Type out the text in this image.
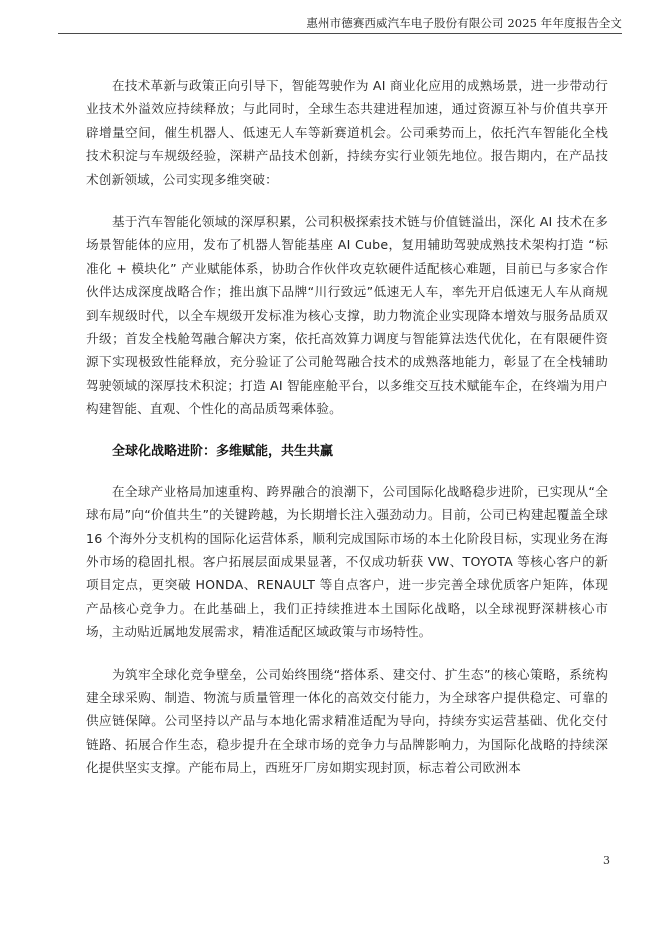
惠州市德赛西威汽车电子股份有限公司 2025 年年度报告全文

在技术革新与政策正向引导下，智能驾驶作为 AI 商业化应用的成熟场景，进一步带动行业技术外溢效应持续释放；与此同时，全球生态共建进程加速，通过资源互补与价值共享开辟增量空间，催生机器人、低速无人车等新赛道机会。公司乘势而上，依托汽车智能化全栈技术积淀与车规级经验，深耕产品技术创新，持续夯实行业领先地位。报告期内，在产品技术创新领域，公司实现多维突破：

基于汽车智能化领域的深厚积累，公司积极探索技术链与价值链溢出，深化 AI 技术在多场景智能体的应用，发布了机器人智能基座 AI Cube，复用辅助驾驶成熟技术架构打造 “标准化 + 模块化” 产业赋能体系，协助合作伙伴攻克软硬件适配核心难题，目前已与多家合作伙伴达成深度战略合作；推出旗下品牌“川行致远”低速无人车，率先开启低速无人车从商规到车规级时代，以全车规级开发标准为核心支撑，助力物流企业实现降本增效与服务品质双升级；首发全栈舱驾融合解决方案，依托高效算力调度与智能算法迭代优化，在有限硬件资源下实现极致性能释放，充分验证了公司舱驾融合技术的成熟落地能力，彰显了在全栈辅助驾驶领域的深厚技术积淀；打造 AI 智能座舱平台，以多维交互技术赋能车企，在终端为用户构建智能、直观、个性化的高品质驾乘体验。

全球化战略进阶：多维赋能，共生共赢

在全球产业格局加速重构、跨界融合的浪潮下，公司国际化战略稳步进阶，已实现从“全球布局”向“价值共生”的关键跨越，为长期增长注入强劲动力。目前，公司已构建起覆盖全球 16 个海外分支机构的国际化运营体系，顺利完成国际市场的本土化阶段目标，实现业务在海外市场的稳固扎根。客户拓展层面成果显著，不仅成功斩获 VW、TOYOTA 等核心客户的新项目定点，更突破 HONDA、RENAULT 等自点客户，进一步完善全球优质客户矩阵，体现产品核心竞争力。在此基础上，我们正持续推进本土国际化战略，以全球视野深耕核心市场，主动贴近属地发展需求，精准适配区域政策与市场特性。

为筑牢全球化竞争壁垒，公司始终围绕“搭体系、建交付、扩生态”的核心策略，系统构建全球采购、制造、物流与质量管理一体化的高效交付能力，为全球客户提供稳定、可靠的供应链保障。公司坚持以产品与本地化需求精准适配为导向，持续夯实运营基础、优化交付链路、拓展合作生态，稳步提升在全球市场的竞争力与品牌影响力，为国际化战略的持续深化提供坚实支撑。产能布局上，西班牙厂房如期实现封顶，标志着公司欧洲本

3
